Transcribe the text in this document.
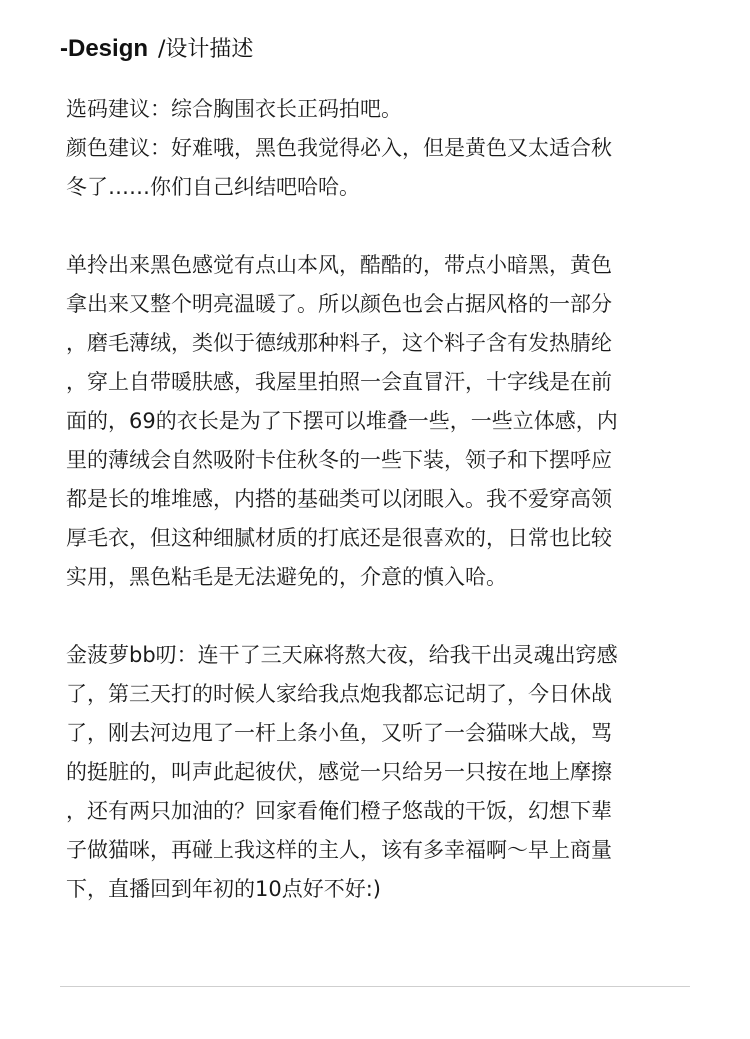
-Design /设计描述
选码建议：综合胸围衣长正码拍吧。
颜色建议：好难哦，黑色我觉得必入，但是黄色又太适合秋
冬了……你们自己纠结吧哈哈。
单拎出来黑色感觉有点山本风，酷酷的，带点小暗黑，黄色
拿出来又整个明亮温暖了。所以颜色也会占据风格的一部分
，磨毛薄绒，类似于德绒那种料子，这个料子含有发热腈纶
，穿上自带暖肤感，我屋里拍照一会直冒汗，十字线是在前
面的，69的衣长是为了下摆可以堆叠一些，一些立体感，内
里的薄绒会自然吸附卡住秋冬的一些下装，领子和下摆呼应
都是长的堆堆感，内搭的基础类可以闭眼入。我不爱穿高领
厚毛衣，但这种细腻材质的打底还是很喜欢的，日常也比较
实用，黑色粘毛是无法避免的，介意的慎入哈。
金菠萝bb叨：连干了三天麻将熬大夜，给我干出灵魂出窍感
了，第三天打的时候人家给我点炮我都忘记胡了，今日休战
了，刚去河边甩了一杆上条小鱼，又听了一会猫咪大战，骂
的挺脏的，叫声此起彼伏，感觉一只给另一只按在地上摩擦
，还有两只加油的？回家看俺们橙子悠哉的干饭，幻想下辈
子做猫咪，再碰上我这样的主人，该有多幸福啊～早上商量
下，直播回到年初的10点好不好:)
